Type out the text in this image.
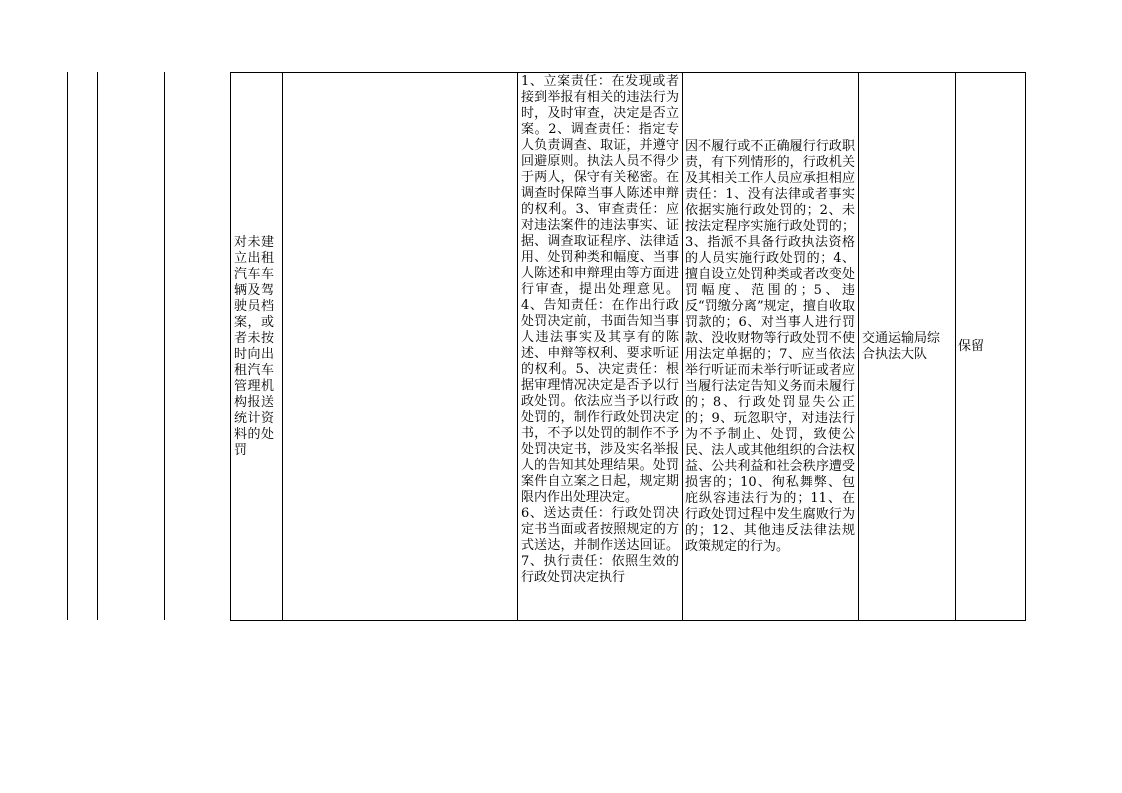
对未建立出租汽车车辆及驾驶员档案，或者未按时向出租汽车管理机构报送统计资料的处罚

1、立案责任：在发现或者接到举报有相关的违法行为时，及时审查，决定是否立案。2、调查责任：指定专人负责调查、取证，并遵守回避原则。执法人员不得少于两人，保守有关秘密。在调查时保障当事人陈述申辩的权利。3、审查责任：应对违法案件的违法事实、证据、调查取证程序、法律适用、处罚种类和幅度、当事人陈述和申辩理由等方面进行审查，提出处理意见。4、告知责任：在作出行政处罚决定前，书面告知当事人违法事实及其享有的陈述、申辩等权利、要求听证的权利。5、决定责任：根据审理情况决定是否予以行政处罚。依法应当予以行政处罚的，制作行政处罚决定书，不予以处罚的制作不予处罚决定书，涉及实名举报人的告知其处理结果。处罚案件自立案之日起，规定期限内作出处理决定。

6、送达责任：行政处罚决定书当面或者按照规定的方式送达，并制作送达回证。7、执行责任：依照生效的行政处罚决定执行

因不履行或不正确履行行政职责，有下列情形的，行政机关及其相关工作人员应承担相应责任：1、没有法律或者事实依据实施行政处罚的；2、未按法定程序实施行政处罚的；3、指派不具备行政执法资格的人员实施行政处罚的；4、擅自设立处罚种类或者改变处罚幅度、范围的；5、违反“罚缴分离”规定，擅自收取罚款的；6、对当事人进行罚款、没收财物等行政处罚不使用法定单据的；7、应当依法举行听证而未举行听证或者应当履行法定告知义务而未履行的；8、行政处罚显失公正的；9、玩忽职守，对违法行为不予制止、处罚，致使公民、法人或其他组织的合法权益、公共利益和社会秩序遭受损害的；10、徇私舞弊、包庇纵容违法行为的；11、在行政处罚过程中发生腐败行为的；12、其他违反法律法规政策规定的行为。
交通运输局综合执法大队
保留
